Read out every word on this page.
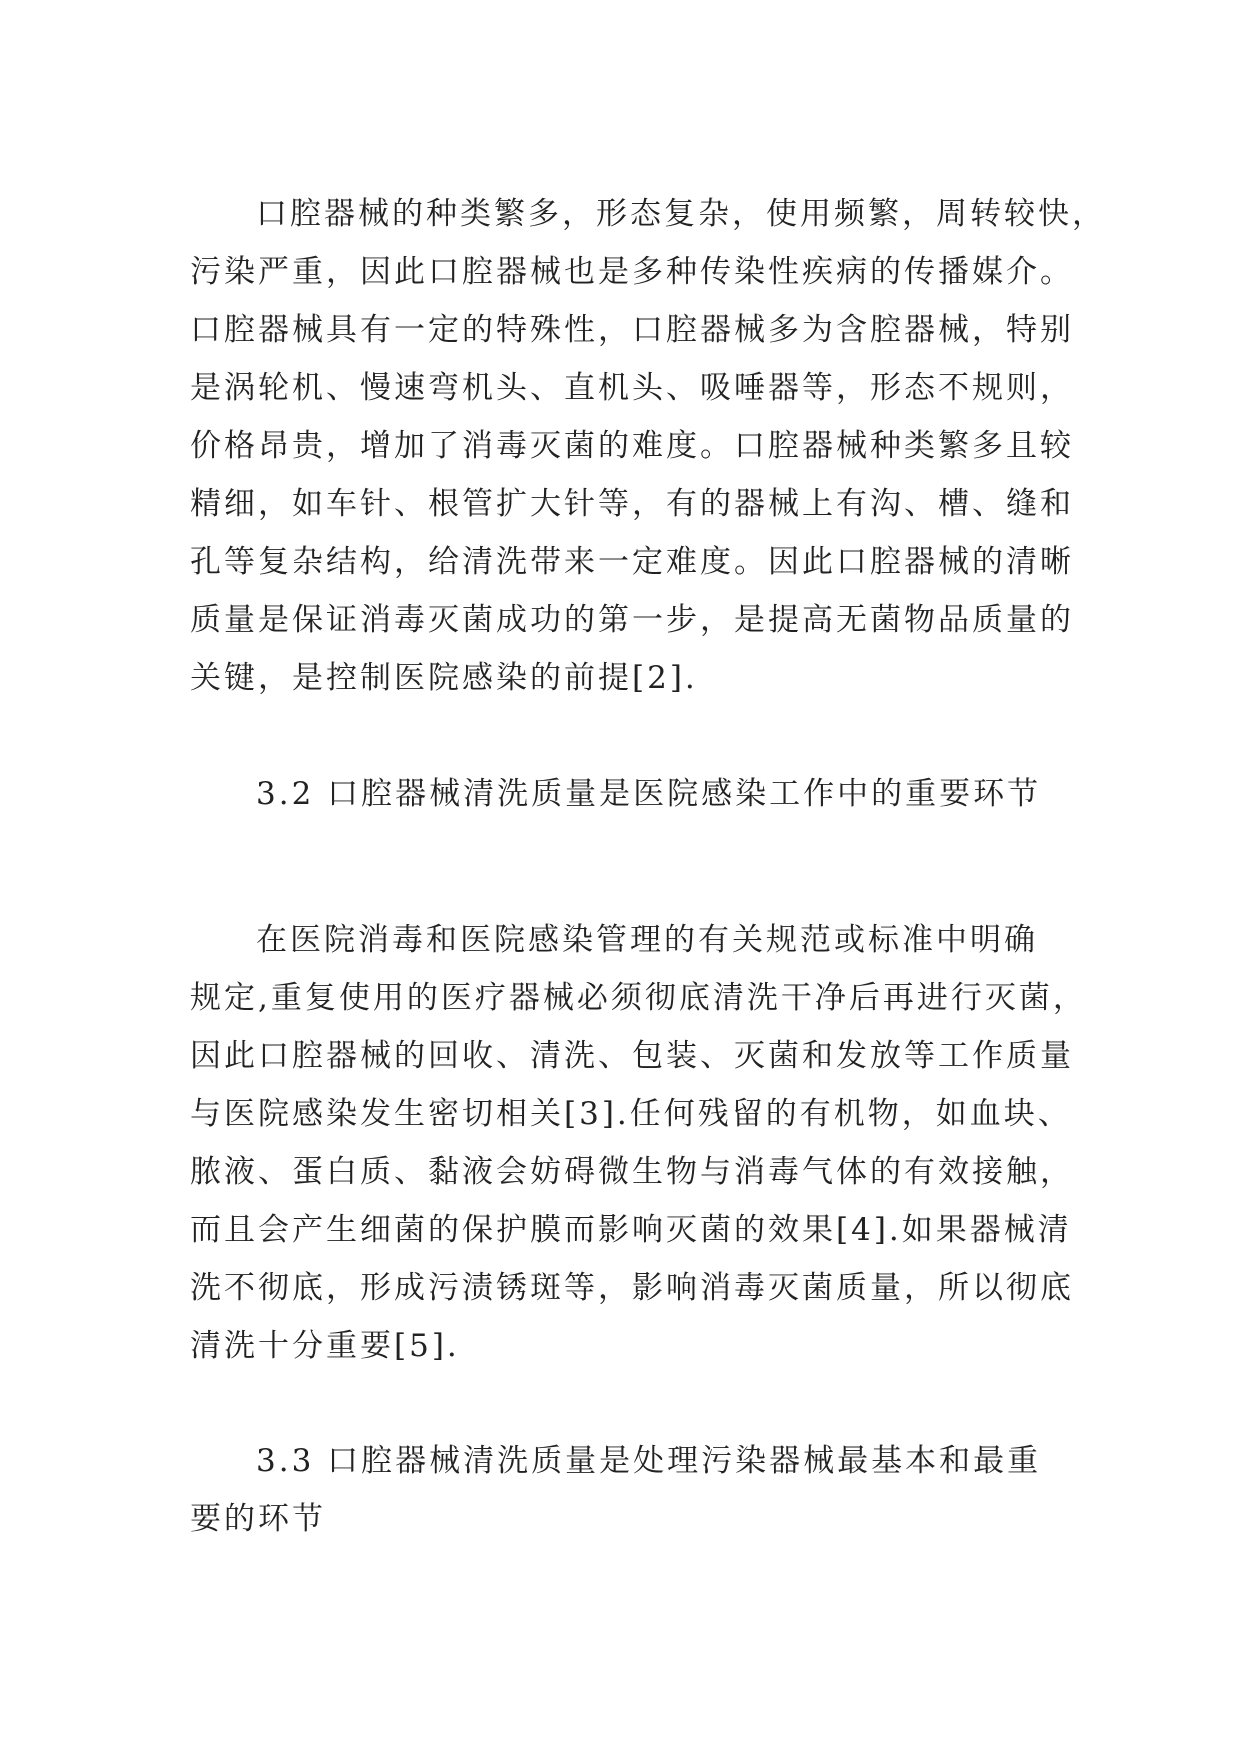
口腔器械的种类繁多，形态复杂，使用频繁，周转较快，
污染严重，因此口腔器械也是多种传染性疾病的传播媒介。
口腔器械具有一定的特殊性，口腔器械多为含腔器械，特别
是涡轮机、慢速弯机头、直机头、吸唾器等，形态不规则，
价格昂贵，增加了消毒灭菌的难度。口腔器械种类繁多且较
精细，如车针、根管扩大针等，有的器械上有沟、槽、缝和
孔等复杂结构，给清洗带来一定难度。因此口腔器械的清晰
质量是保证消毒灭菌成功的第一步，是提高无菌物品质量的
关键，是控制医院感染的前提[2].
3.2 口腔器械清洗质量是医院感染工作中的重要环节
在医院消毒和医院感染管理的有关规范或标准中明确
规定,重复使用的医疗器械必须彻底清洗干净后再进行灭菌，
因此口腔器械的回收、清洗、包装、灭菌和发放等工作质量
与医院感染发生密切相关[3].任何残留的有机物，如血块、
脓液、蛋白质、黏液会妨碍微生物与消毒气体的有效接触，
而且会产生细菌的保护膜而影响灭菌的效果[4].如果器械清
洗不彻底，形成污渍锈斑等，影响消毒灭菌质量，所以彻底
清洗十分重要[5].
3.3 口腔器械清洗质量是处理污染器械最基本和最重
要的环节
